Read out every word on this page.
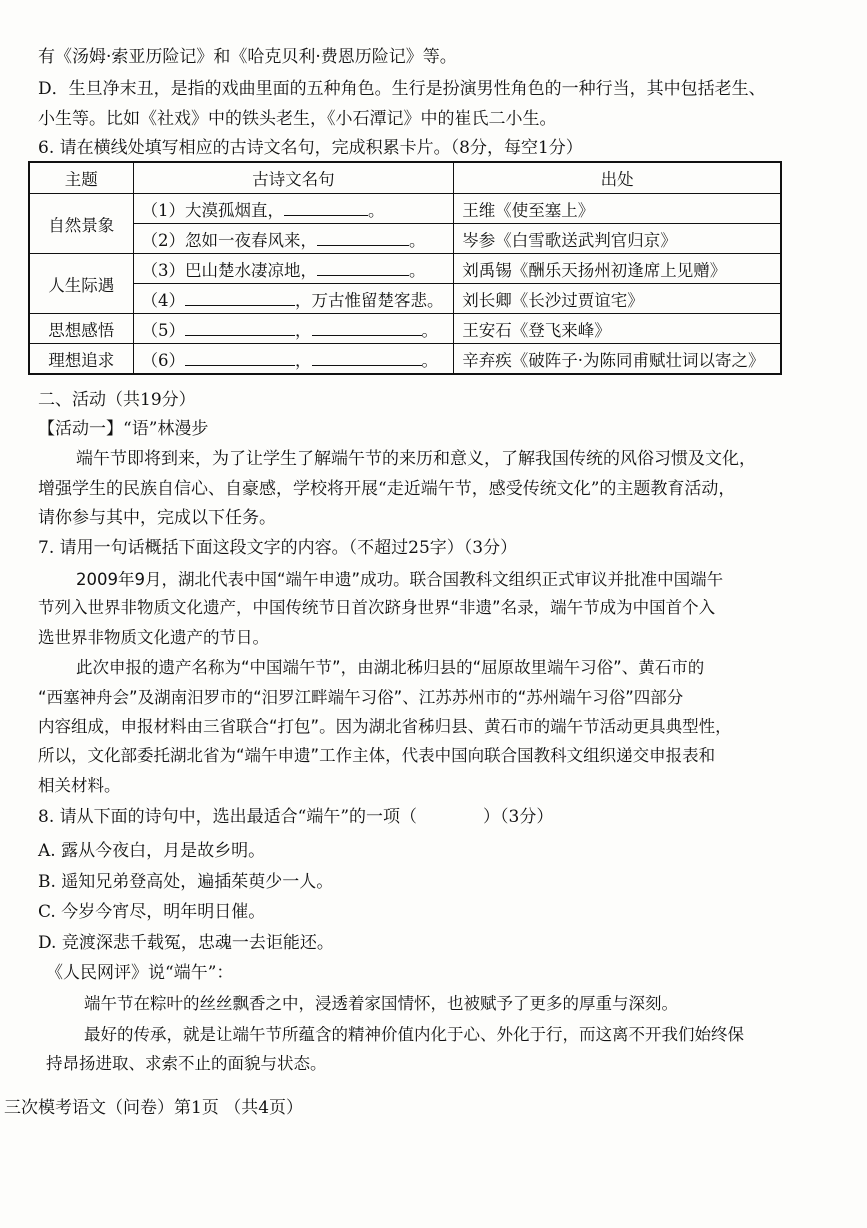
有《汤姆·索亚历险记》和《哈克贝利·费恩历险记》等。
D．生旦净末丑，是指的戏曲里面的五种角色。生行是扮演男性角色的一种行当，其中包括老生、
小生等。比如《社戏》中的铁头老生，《小石潭记》中的崔氏二小生。
6. 请在横线处填写相应的古诗文名句，完成积累卡片。（8分，每空1分）
主题	古诗文名句	出处
自然景象	（1）大漠孤烟直， 。	王维《使至塞上》
	（2）忽如一夜春风来， 。	岑参《白雪歌送武判官归京》
人生际遇	（3）巴山楚水凄凉地， 。	刘禹锡《酬乐天扬州初逢席上见赠》
	（4） ，万古惟留楚客悲。	刘长卿《长沙过贾谊宅》
思想感悟	（5） ， 。	王安石《登飞来峰》
理想追求	（6） ， 。	辛弃疾《破阵子·为陈同甫赋壮词以寄之》
二、活动（共19分）
【活动一】“语”林漫步
端午节即将到来，为了让学生了解端午节的来历和意义，了解我国传统的风俗习惯及文化，
增强学生的民族自信心、自豪感，学校将开展“走近端午节，感受传统文化”的主题教育活动，
请你参与其中，完成以下任务。
7. 请用一句话概括下面这段文字的内容。（不超过25字）（3分）
2009年9月，湖北代表中国“端午申遗”成功。联合国教科文组织正式审议并批准中国端午
节列入世界非物质文化遗产，中国传统节日首次跻身世界“非遗”名录，端午节成为中国首个入
选世界非物质文化遗产的节日。
此次申报的遗产名称为“中国端午节”，由湖北秭归县的“屈原故里端午习俗”、黄石市的
“西塞神舟会”及湖南汨罗市的“汨罗江畔端午习俗”、江苏苏州市的“苏州端午习俗”四部分
内容组成，申报材料由三省联合“打包”。因为湖北省秭归县、黄石市的端午节活动更具典型性，
所以，文化部委托湖北省为“端午申遗”工作主体，代表中国向联合国教科文组织递交申报表和
相关材料。
8. 请从下面的诗句中，选出最适合“端午”的一项（	）（3分）
A. 露从今夜白，月是故乡明。
B. 遥知兄弟登高处，遍插茱萸少一人。
C. 今岁今宵尽，明年明日催。
D. 竞渡深悲千载冤，忠魂一去讵能还。
《人民网评》说“端午”：
端午节在粽叶的丝丝飘香之中，浸透着家国情怀，也被赋予了更多的厚重与深刻。
最好的传承，就是让端午节所蕴含的精神价值内化于心、外化于行，而这离不开我们始终保
持昂扬进取、求索不止的面貌与状态。
三次模考语文（问卷）第1页 （共4页）
